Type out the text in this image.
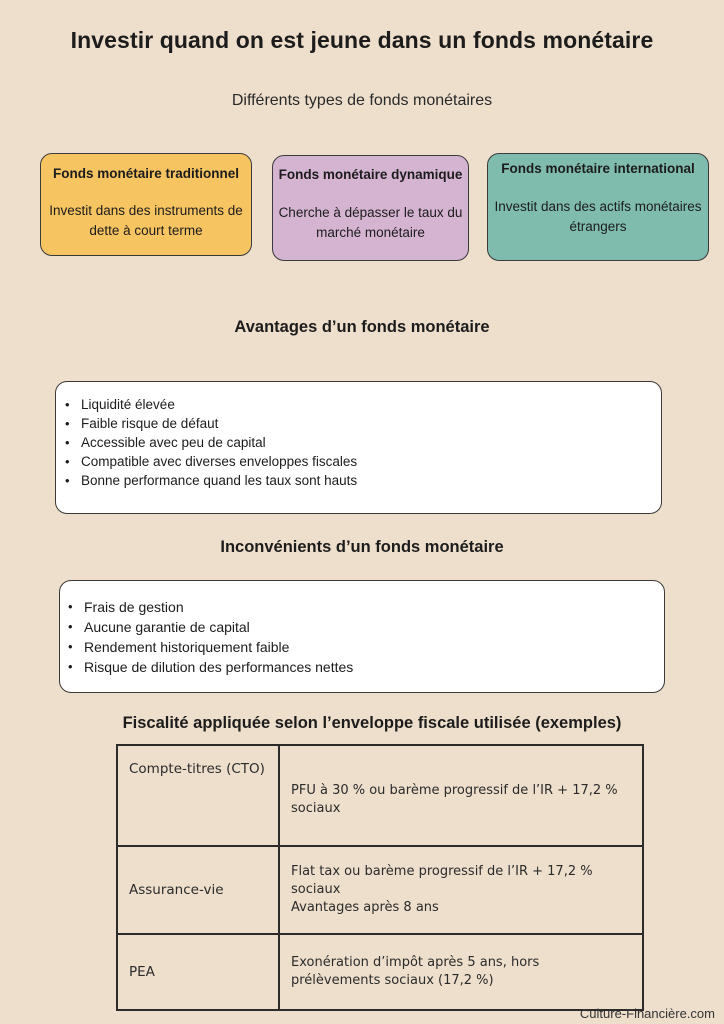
Investir quand on est jeune dans un fonds monétaire
Différents types de fonds monétaires
Fonds monétaire traditionnel

Investit dans des instruments de dette à court terme

Fonds monétaire dynamique

Cherche à dépasser le taux du marché monétaire

Fonds monétaire international

Investit dans des actifs monétaires étrangers

Avantages d’un fonds monétaire
• Liquidité élevée
• Faible risque de défaut
• Accessible avec peu de capital
• Compatible avec diverses enveloppes fiscales
• Bonne performance quand les taux sont hauts
Inconvénients d’un fonds monétaire
• Frais de gestion
• Aucune garantie de capital
• Rendement historiquement faible
• Risque de dilution des performances nettes
Fiscalité appliquée selon l’enveloppe fiscale utilisée (exemples)
Compte-titres (CTO)	PFU à 30 % ou barème progressif de l’IR + 17,2 % sociaux

Assurance-vie	Flat tax ou barème progressif de l’IR + 17,2 % sociaux
Avantages après 8 ans

PEA	Exonération d’impôt après 5 ans, hors prélèvements sociaux (17,2 %)
Culture-Financière.com
